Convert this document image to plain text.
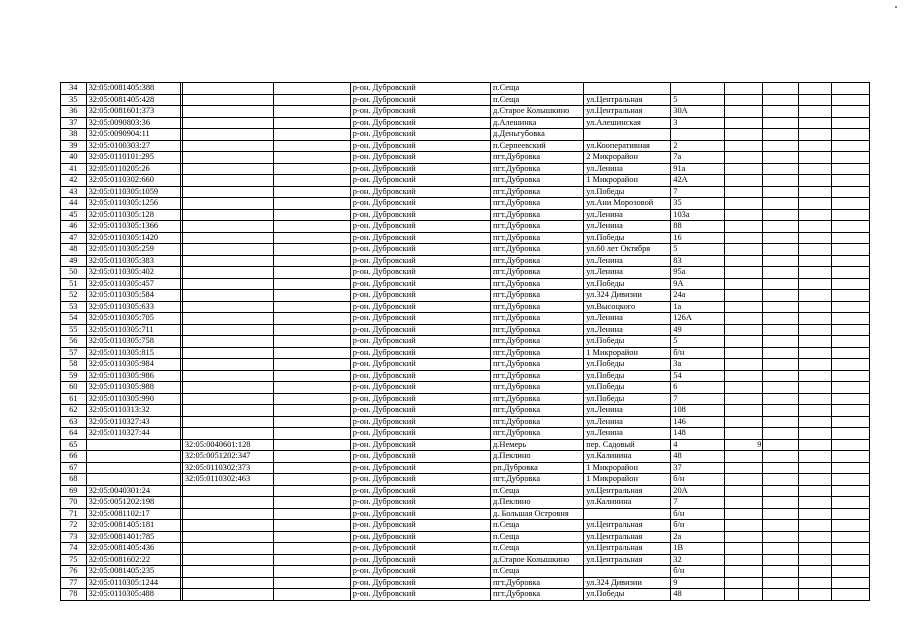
34	32:05:0081405:388				р-он. Дубровский	п.Сеща						
35	32:05:0081405:428				р-он. Дубровский	п.Сеща	ул.Центральная	5				
36	32:05:0081601:373				р-он. Дубровский	д.Старое Колышкино	ул.Центральная	30А				
37	32:05:0090803:36				р-он. Дубровский	д.Алешинка	ул.Алешинская	3				
38	32:05:0090904:11				р-он. Дубровский	д.Деньгубовка						
39	32:05:0100303:27				р-он. Дубровский	п.Серпеевский	ул.Кооперативная	2				
40	32:05:0110101:295				р-он. Дубровский	пгт.Дубровка	2 Микрорайон	7а				
41	32:05:0110205:26				р-он. Дубровский	пгт.Дубровка	ул.Ленина	91а				
42	32:05:0110302:660				р-он. Дубровский	пгт.Дубровка	1 Микрорайон	42А				
43	32:05:0110305:1059				р-он. Дубровский	пгт.Дубровка	ул.Победы	7				
44	32:05:0110305:1256				р-он. Дубровский	пгт.Дубровка	ул.Ани Морозовой	35				
45	32:05:0110305:128				р-он. Дубровский	пгт.Дубровка	ул.Ленина	103а				
46	32:05:0110305:1366				р-он. Дубровский	пгт.Дубровка	ул.Ленина	88				
47	32:05:0110305:1420				р-он. Дубровский	пгт.Дубровка	ул.Победы	16				
48	32:05:0110305:259				р-он. Дубровский	пгт.Дубровка	ул.60 лет Октября	5				
49	32:05:0110305:383				р-он. Дубровский	пгт.Дубровка	ул.Ленина	83				
50	32:05:0110305:402				р-он. Дубровский	пгт.Дубровка	ул.Ленина	95а				
51	32:05:0110305:457				р-он. Дубровский	пгт.Дубровка	ул.Победы	9А				
52	32:05:0110305:584				р-он. Дубровский	пгт.Дубровка	ул.324 Дивизии	24а				
53	32:05:0110305:633				р-он. Дубровский	пгт.Дубровка	ул.Высоцкого	1а				
54	32:05:0110305:705				р-он. Дубровский	пгт.Дубровка	ул.Ленина	126А				
55	32:05:0110305:711				р-он. Дубровский	пгт.Дубровка	ул.Ленина	49				
56	32:05:0110305:758				р-он. Дубровский	пгт.Дубровка	ул.Победы	5				
57	32:05:0110305:815				р-он. Дубровский	пгт.Дубровка	1 Микрорайон	б/н				
58	32:05:0110305:984				р-он. Дубровский	пгт.Дубровка	ул.Победы	3а				
59	32:05:0110305:986				р-он. Дубровский	пгт.Дубровка	ул.Победы	54				
60	32:05:0110305:988				р-он. Дубровский	пгт.Дубровка	ул.Победы	6				
61	32:05:0110305:990				р-он. Дубровский	пгт.Дубровка	ул.Победы	7				
62	32:05:0110313:32				р-он. Дубровский	пгт.Дубровка	ул.Ленина	108				
63	32:05:0110327:43				р-он. Дубровский	пгт.Дубровка	ул.Ленина	146				
64	32:05:0110327:44				р-он. Дубровский	пгт.Дубровка	ул.Ленина	148				
65			32:05:0040601:128		р-он. Дубровский	д.Немерь	пер. Садовый	4	9			
66			32:05:0051202:347		р-он. Дубровский	д.Пеклино	ул.Калинина	48				
67			32:05:0110302:373		р-он. Дубровский	рп.Дубровка	1 Микрорайон	37				
68			32:05:0110302:463		р-он. Дубровский	пгт.Дубровка	1 Микрорайон	б/н				
69	32:05:0040301:24				р-он. Дубровский	п.Сеща	ул.Центральная	20А				
70	32:05:0051202:198				р-он. Дубровский	д.Пеклино	ул.Калинина	7				
71	32:05:0081102:17				р-он. Дубровский	д. Большая Островня		б/н				
72	32:05:0081405:181				р-он. Дубровский	п.Сеща	ул.Центральная	б/н				
73	32:05:0081401:785				р-он. Дубровский	п.Сеща	ул.Центральная	2а				
74	32:05:0081405:436				р-он. Дубровский	п.Сеща	ул.Центральная	1В				
75	32:05:0081602:22				р-он. Дубровский	д.Старое Колышкино	ул.Центральная	32				
76	32:05:0081405:235				р-он. Дубровский	п.Сеща		б/н				
77	32:05:0110305:1244				р-он. Дубровский	пгт.Дубровка	ул.324 Дивизии	9				
78	32:05:0110305:488				р-он. Дубровский	пгт.Дубровка	ул.Победы	48				
